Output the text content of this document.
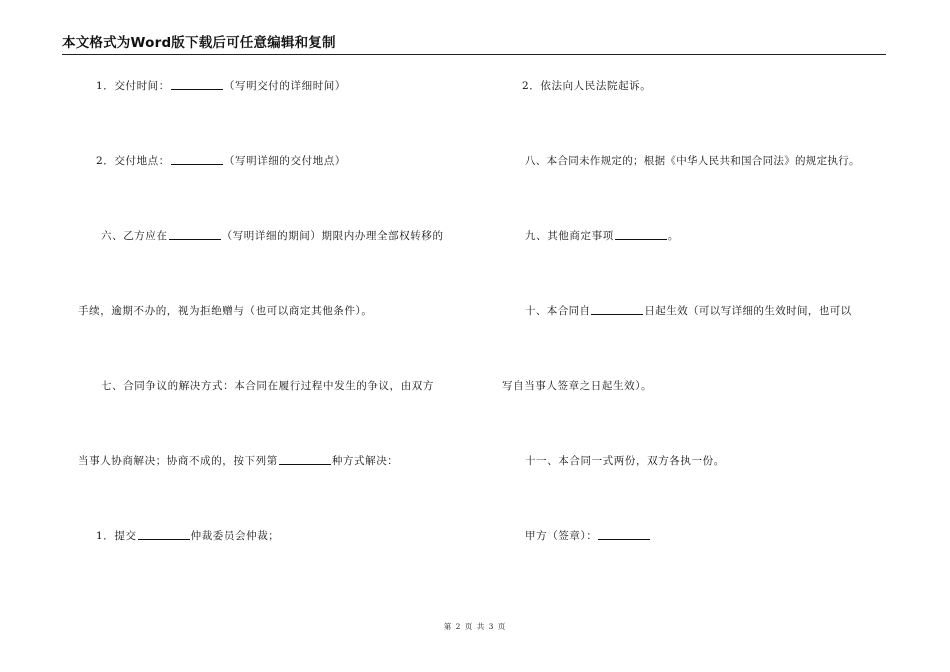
本文格式为Word版下载后可任意编辑和复制
1．交付时间：	（写明交付的详细时间）
2．交付地点：	（写明详细的交付地点）
六、乙方应在	（写明详细的期间）期限内办理全部权转移的
手续，逾期不办的，视为拒绝赠与（也可以商定其他条件）。
七、合同争议的解决方式：本合同在履行过程中发生的争议，由双方
当事人协商解决；协商不成的，按下列第	种方式解决：
1．提交	仲裁委员会仲裁；
2．依法向人民法院起诉。
八、本合同未作规定的；根据《中华人民共和国合同法》的规定执行。
九、其他商定事项	。
十、本合同自	日起生效（可以写详细的生效时间，也可以
写自当事人签章之日起生效）。
十一、本合同一式两份，双方各执一份。
甲方（签章）：
第 2 页 共 3 页
